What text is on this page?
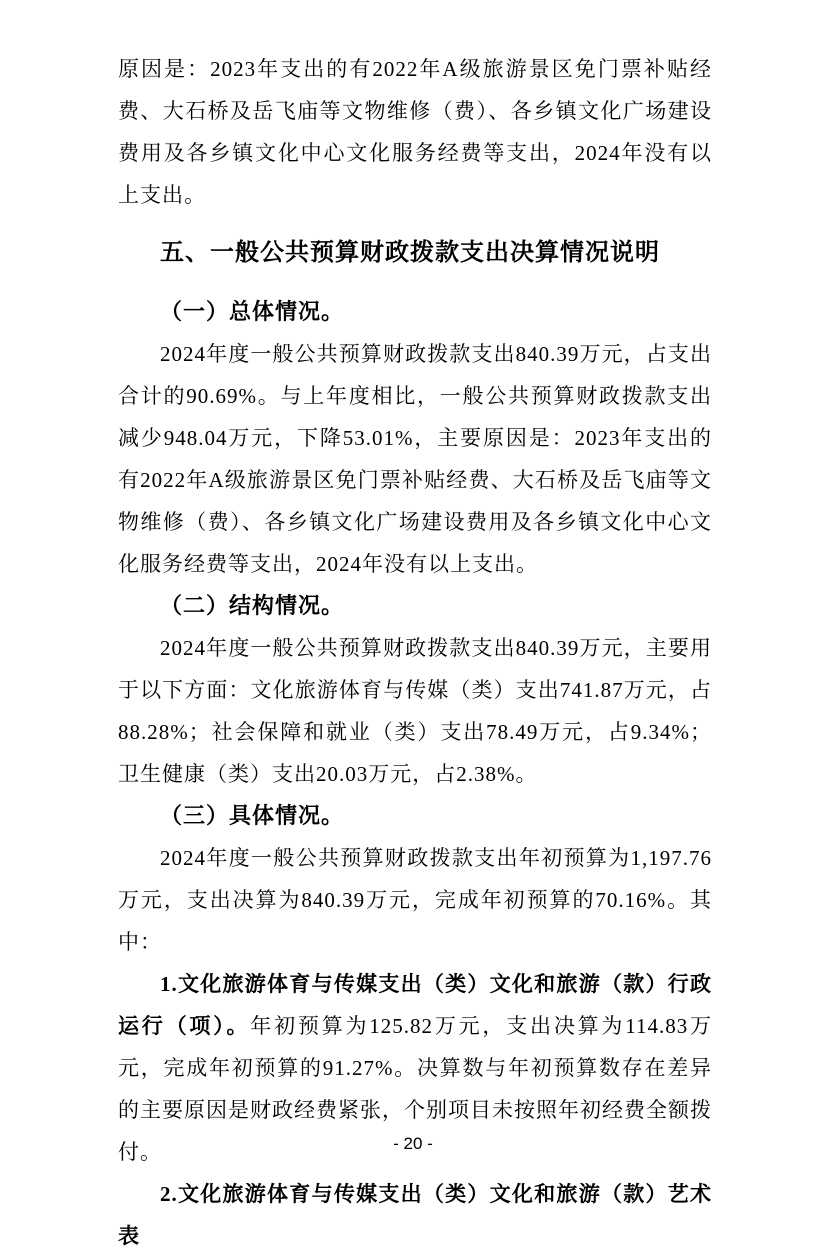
原因是：2023年支出的有2022年A级旅游景区免门票补贴经费、大石桥及岳飞庙等文物维修（费）、各乡镇文化广场建设费用及各乡镇文化中心文化服务经费等支出，2024年没有以上支出。

五、一般公共预算财政拨款支出决算情况说明
（一）总体情况。

2024年度一般公共预算财政拨款支出840.39万元，占支出合计的90.69%。与上年度相比，一般公共预算财政拨款支出减少948.04万元，下降53.01%，主要原因是：2023年支出的有2022年A级旅游景区免门票补贴经费、大石桥及岳飞庙等文物维修（费）、各乡镇文化广场建设费用及各乡镇文化中心文化服务经费等支出，2024年没有以上支出。

（二）结构情况。

2024年度一般公共预算财政拨款支出840.39万元，主要用于以下方面：文化旅游体育与传媒（类）支出741.87万元，占88.28%；社会保障和就业（类）支出78.49万元，占9.34%；卫生健康（类）支出20.03万元，占2.38%。

（三）具体情况。

2024年度一般公共预算财政拨款支出年初预算为1,197.76万元，支出决算为840.39万元，完成年初预算的70.16%。其中：

1.文化旅游体育与传媒支出（类）文化和旅游（款）行政运行（项）。年初预算为125.82万元，支出决算为114.83万元，完成年初预算的91.27%。决算数与年初预算数存在差异的主要原因是财政经费紧张，个别项目未按照年初经费全额拨付。

2.文化旅游体育与传媒支出（类）文化和旅游（款）艺术表

- 20 -
